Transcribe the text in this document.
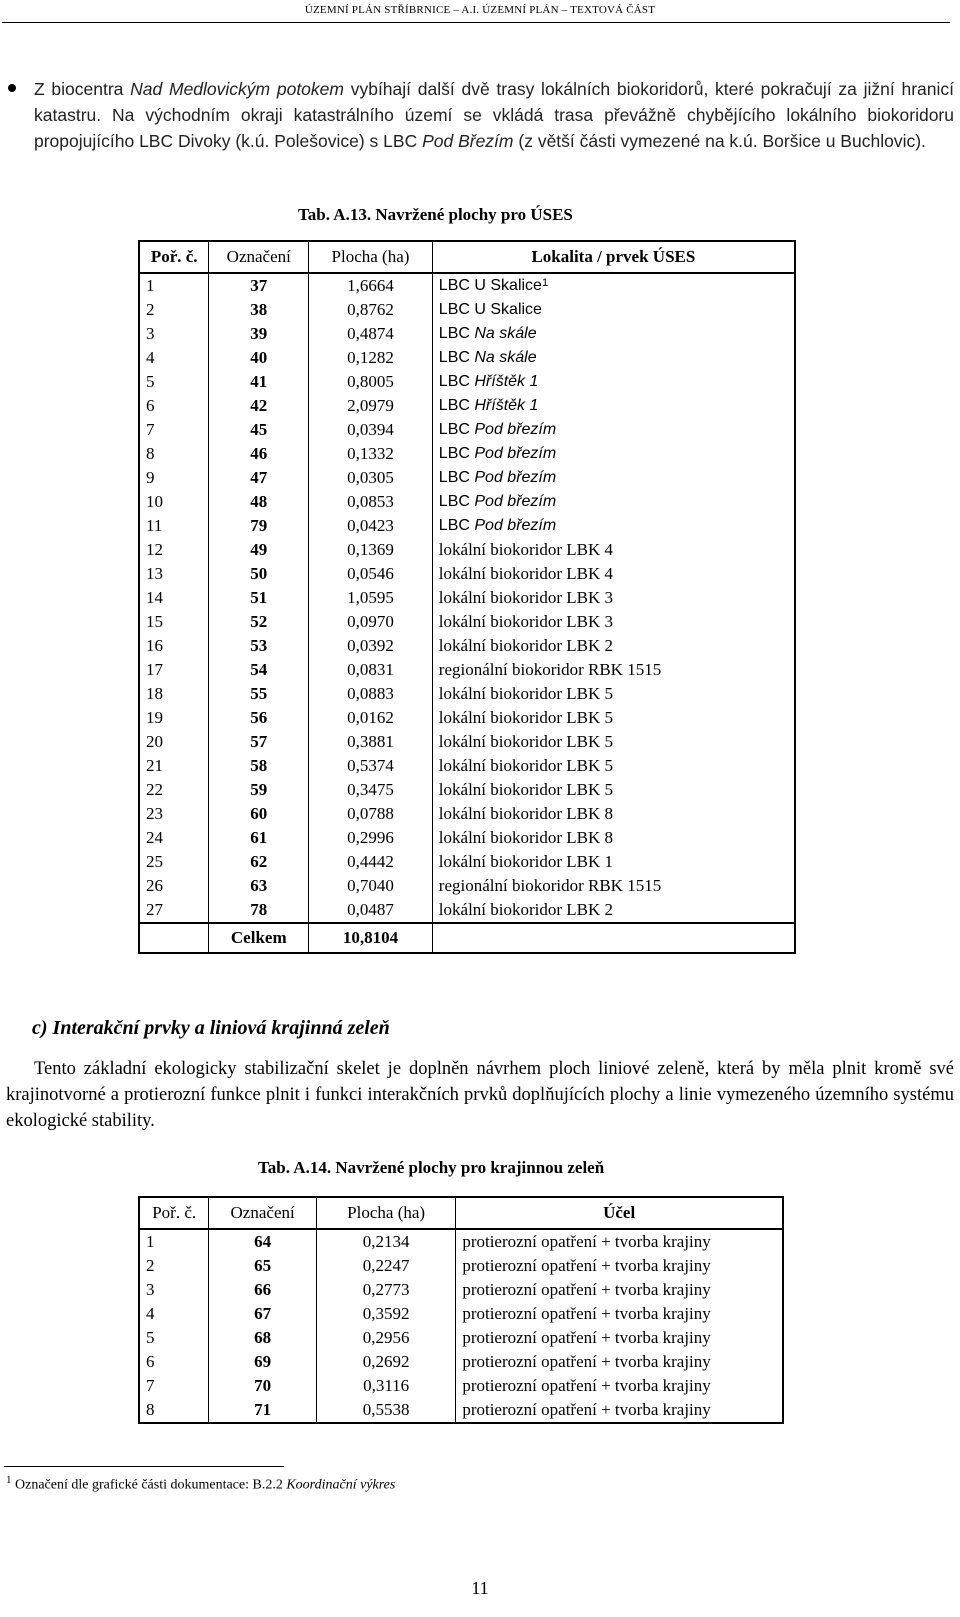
ÚZEMNÍ PLÁN STŘÍBRNICE – A.I. ÚZEMNÍ PLÁN – TEXTOVÁ ČÁST
Z biocentra Nad Medlovickým potokem vybíhají další dvě trasy lokálních biokoridorů, které pokračují za jižní hranicí katastru. Na východním okraji katastrálního území se vkládá trasa převážně chybějícího lokálního biokoridoru propojujícího LBC Divoky (k.ú. Polešovice) s LBC Pod Březím (z větší části vymezené na k.ú. Boršice u Buchlovic).
Tab. A.13. Navržené plochy pro ÚSES
Poř. č.	Označení	Plocha (ha)	Lokalita / prvek ÚSES
1	37	1,6664	LBC U Skalice$^1$
2	38	0,8762	LBC U Skalice
3	39	0,4874	LBC Na skále
4	40	0,1282	LBC Na skále
5	41	0,8005	LBC Hříštěk 1
6	42	2,0979	LBC Hříštěk 1
7	45	0,0394	LBC Pod březím
8	46	0,1332	LBC Pod březím
9	47	0,0305	LBC Pod březím
10	48	0,0853	LBC Pod březím
11	79	0,0423	LBC Pod březím
12	49	0,1369	lokální biokoridor LBK 4
13	50	0,0546	lokální biokoridor LBK 4
14	51	1,0595	lokální biokoridor LBK 3
15	52	0,0970	lokální biokoridor LBK 3
16	53	0,0392	lokální biokoridor LBK 2
17	54	0,0831	regionální biokoridor RBK 1515
18	55	0,0883	lokální biokoridor LBK 5
19	56	0,0162	lokální biokoridor LBK 5
20	57	0,3881	lokální biokoridor LBK 5
21	58	0,5374	lokální biokoridor LBK 5
22	59	0,3475	lokální biokoridor LBK 5
23	60	0,0788	lokální biokoridor LBK 8
24	61	0,2996	lokální biokoridor LBK 8
25	62	0,4442	lokální biokoridor LBK 1
26	63	0,7040	regionální biokoridor RBK 1515
27	78	0,0487	lokální biokoridor LBK 2
	Celkem	10,8104	
c) Interakční prvky a liniová krajinná zeleň
Tento základní ekologicky stabilizační skelet je doplněn návrhem ploch liniové zeleně, která by měla plnit kromě své krajinotvorné a protierozní funkce plnit i funkci interakčních prvků doplňujících plochy a linie vymezeného územního systému ekologické stability.
Tab. A.14. Navržené plochy pro krajinnou zeleň
Poř. č.	Označení	Plocha (ha)	Účel
1	64	0,2134	protierozní opatření + tvorba krajiny
2	65	0,2247	protierozní opatření + tvorba krajiny
3	66	0,2773	protierozní opatření + tvorba krajiny
4	67	0,3592	protierozní opatření + tvorba krajiny
5	68	0,2956	protierozní opatření + tvorba krajiny
6	69	0,2692	protierozní opatření + tvorba krajiny
7	70	0,3116	protierozní opatření + tvorba krajiny
8	71	0,5538	protierozní opatření + tvorba krajiny
$^1$ Označení dle grafické části dokumentace: B.2.2 Koordinační výkres
11
